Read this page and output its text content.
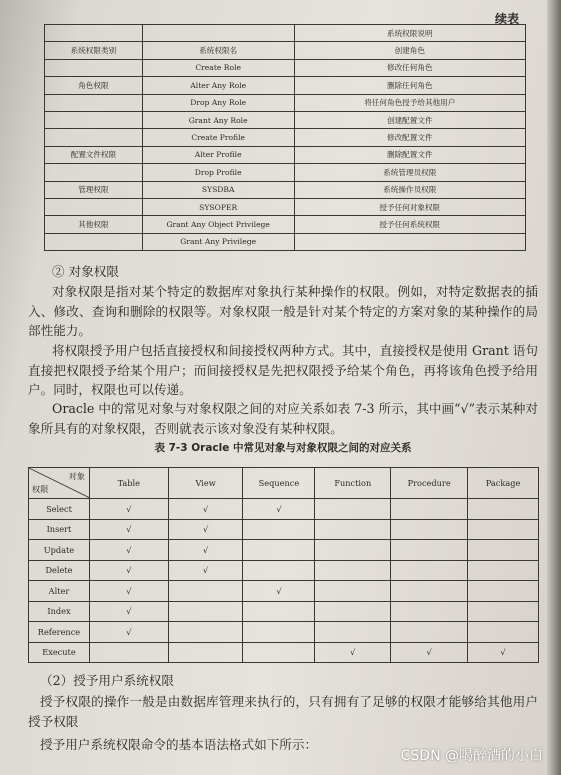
续表
		系统权限说明
系统权限类别	系统权限名	创建角色
	Create Role	修改任何角色
角色权限	Alter Any Role	删除任何角色
	Drop Any Role	将任何角色授予给其他用户
	Grant Any Role	创建配置文件
	Create Profile	修改配置文件
配置文件权限	Alter Profile	删除配置文件
	Drop Profile	系统管理员权限
管理权限	SYSDBA	系统操作员权限
	SYSOPER	授予任何对象权限
其他权限	Grant Any Object Privilege	授予任何系统权限
	Grant Any Privilege	
② 对象权限
对象权限是指对某个特定的数据库对象执行某种操作的权限。例如，对特定数据表的插入、修改、查询和删除的权限等。对象权限一般是针对某个特定的方案对象的某种操作的局部性能力。
将权限授予用户包括直接授权和间接授权两种方式。其中，直接授权是使用 Grant 语句直接把权限授予给某个用户；而间接授权是先把权限授予给某个角色，再将该角色授予给用户。同时，权限也可以传递。
Oracle 中的常见对象与对象权限之间的对应关系如表 7-3 所示，其中画“√”表示某种对象所具有的对象权限，否则就表示该对象没有某种权限。
表 7-3 Oracle 中常见对象与对象权限之间的对应关系
对象
权限	Table	View	Sequence	Function	Procedure	Package
Select	√	√	√			
Insert	√	√				
Update	√	√				
Delete	√	√				
Alter	√		√			
Index	√					
Reference	√					
Execute				√	√	√
（2）授予用户系统权限
授予权限的操作一般是由数据库管理来执行的，只有拥有了足够的权限才能够给其他用户授予权限
授予用户系统权限命令的基本语法格式如下所示：
CSDN @喝醉酒的小白
